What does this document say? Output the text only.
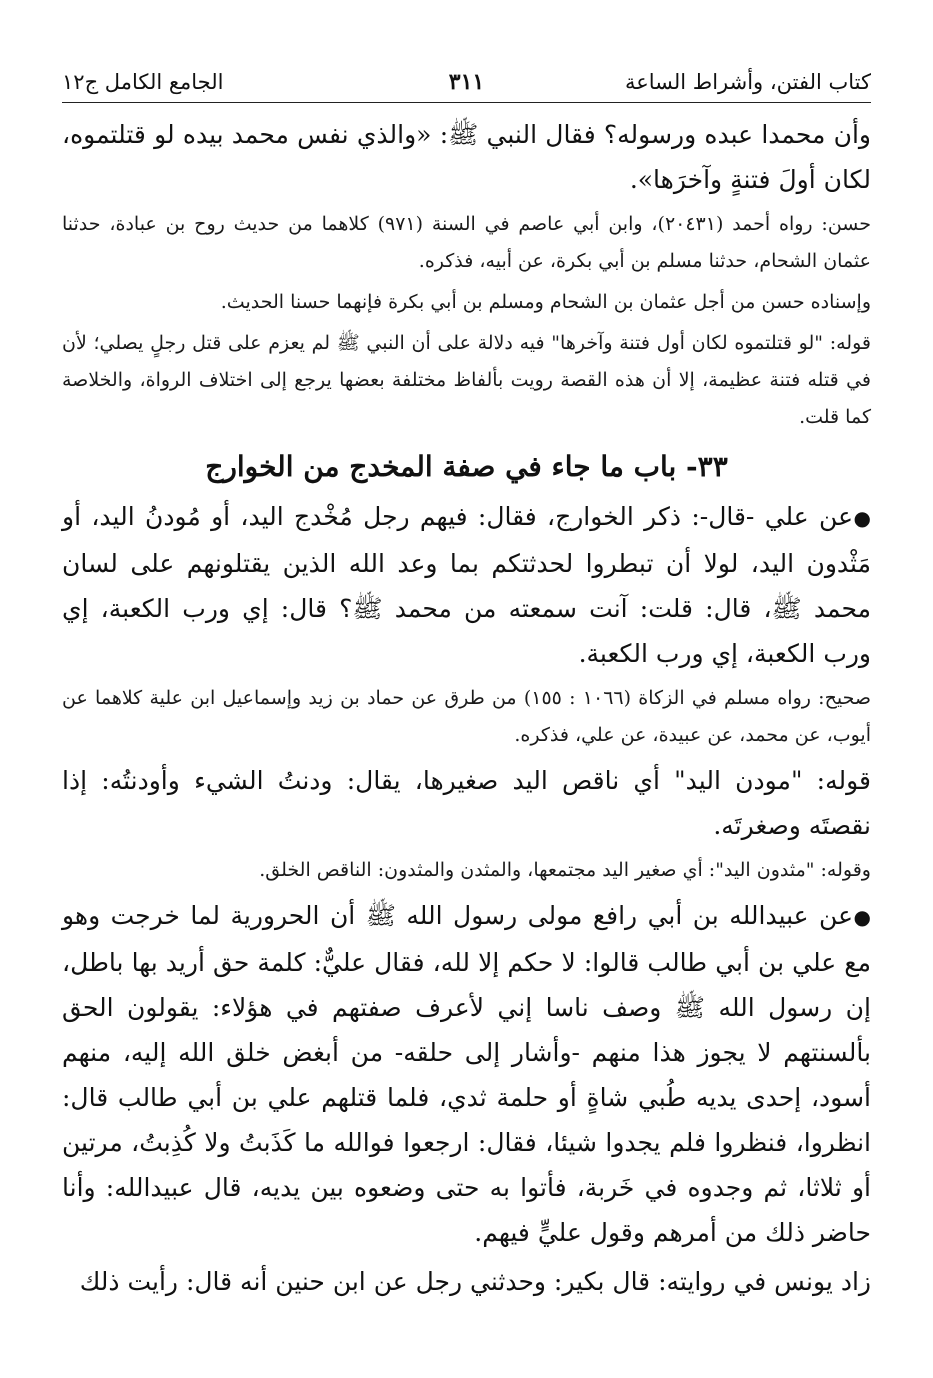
كتاب الفتن، وأشراط الساعة
٣١١
الجامع الكامل ج١٢

وأن محمدا عبده ورسوله؟ فقال النبي ﷺ: «والذي نفس محمد بيده لو قتلتموه، لكان أولَ فتنةٍ وآخرَها».

حسن: رواه أحمد (٢٠٤٣١)، وابن أبي عاصم في السنة (٩٧١) كلاهما من حديث روح بن عبادة، حدثنا عثمان الشحام، حدثنا مسلم بن أبي بكرة، عن أبيه، فذكره.

وإسناده حسن من أجل عثمان بن الشحام ومسلم بن أبي بكرة فإنهما حسنا الحديث.

قوله: "لو قتلتموه لكان أول فتنة وآخرها" فيه دلالة على أن النبي ﷺ لم يعزم على قتل رجلٍ يصلي؛ لأن في قتله فتنة عظيمة، إلا أن هذه القصة رويت بألفاظ مختلفة بعضها يرجع إلى اختلاف الرواة، والخلاصة كما قلت.

٣٣- باب ما جاء في صفة المخدج من الخوارج

●عن علي -قال-: ذكر الخوارج، فقال: فيهم رجل مُخْدج اليد، أو مُودنُ اليد، أو مَثْدون اليد، لولا أن تبطروا لحدثتكم بما وعد الله الذين يقتلونهم على لسان محمد ﷺ، قال: قلت: آنت سمعته من محمد ﷺ؟ قال: إي ورب الكعبة، إي ورب الكعبة، إي ورب الكعبة.

صحيح: رواه مسلم في الزكاة (١٠٦٦ : ١٥٥) من طرق عن حماد بن زيد وإسماعيل ابن علية كلاهما عن أيوب، عن محمد، عن عبيدة، عن علي، فذكره.

قوله: "مودن اليد" أي ناقص اليد صغيرها، يقال: ودنتُ الشيء وأودنتُه: إذا نقصتَه وصغرتَه.

وقوله: "مثدون اليد": أي صغير اليد مجتمعها، والمثدن والمثدون: الناقص الخلق.

●عن عبيدالله بن أبي رافع مولى رسول الله ﷺ أن الحرورية لما خرجت وهو مع علي بن أبي طالب قالوا: لا حكم إلا لله، فقال عليٌّ: كلمة حق أريد بها باطل، إن رسول الله ﷺ وصف ناسا إني لأعرف صفتهم في هؤلاء: يقولون الحق بألسنتهم لا يجوز هذا منهم -وأشار إلى حلقه- من أبغض خلق الله إليه، منهم أسود، إحدى يديه طُبي شاةٍ أو حلمة ثدي، فلما قتلهم علي بن أبي طالب قال: انظروا، فنظروا فلم يجدوا شيئا، فقال: ارجعوا فوالله ما كَذَبتُ ولا كُذِبتُ، مرتين أو ثلاثا، ثم وجدوه في خَربة، فأتوا به حتى وضعوه بين يديه، قال عبيدالله: وأنا حاضر ذلك من أمرهم وقول عليٍّ فيهم.

زاد يونس في روايته: قال بكير: وحدثني رجل عن ابن حنين أنه قال: رأيت ذلك
